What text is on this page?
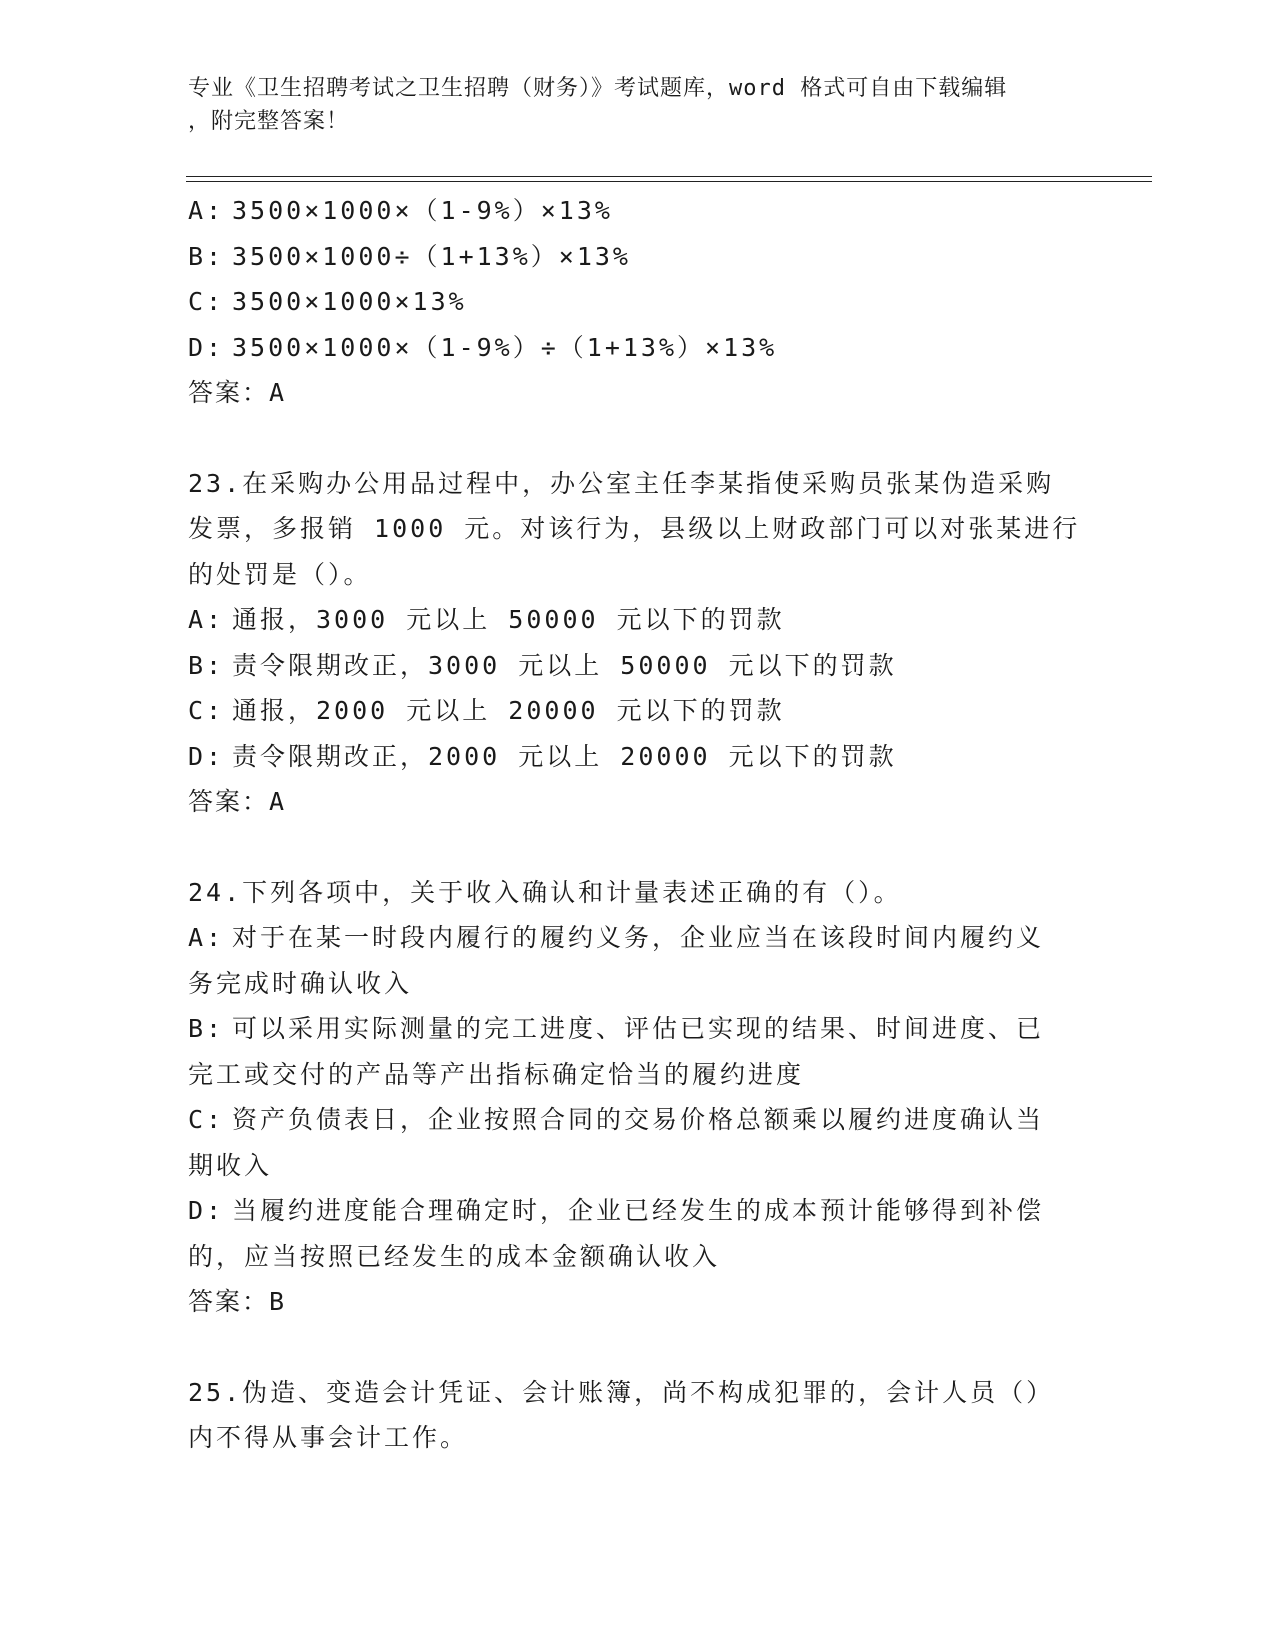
专业《卫生招聘考试之卫生招聘（财务）》考试题库，word 格式可自由下载编辑
，附完整答案！
A: 3500×1000×（1-9%）×13%
B: 3500×1000÷（1+13%）×13%
C: 3500×1000×13%
D: 3500×1000×（1-9%）÷（1+13%）×13%
答案：A
23.在采购办公用品过程中，办公室主任李某指使采购员张某伪造采购
发票，多报销 1000 元。对该行为，县级以上财政部门可以对张某进行
的处罚是（）。
A: 通报，3000 元以上 50000 元以下的罚款
B: 责令限期改正，3000 元以上 50000 元以下的罚款
C: 通报，2000 元以上 20000 元以下的罚款
D: 责令限期改正，2000 元以上 20000 元以下的罚款
答案：A
24.下列各项中，关于收入确认和计量表述正确的有（）。
A: 对于在某一时段内履行的履约义务，企业应当在该段时间内履约义
务完成时确认收入
B: 可以采用实际测量的完工进度、评估已实现的结果、时间进度、已
完工或交付的产品等产出指标确定恰当的履约进度
C: 资产负债表日，企业按照合同的交易价格总额乘以履约进度确认当
期收入
D: 当履约进度能合理确定时，企业已经发生的成本预计能够得到补偿
的，应当按照已经发生的成本金额确认收入
答案：B
25.伪造、变造会计凭证、会计账簿，尚不构成犯罪的，会计人员（）
内不得从事会计工作。
